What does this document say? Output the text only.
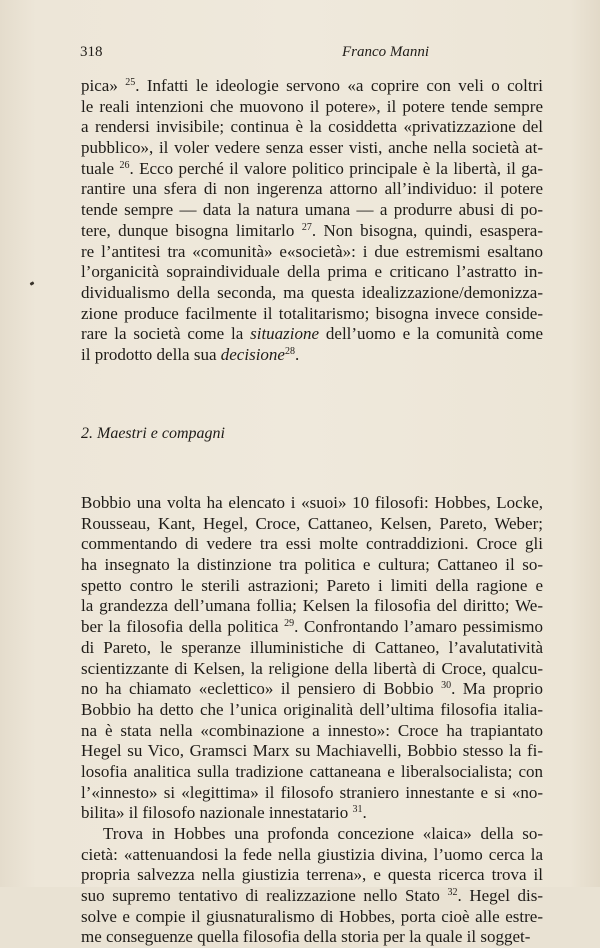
318	Franco Manni
pica» $^{25}$. Infatti le ideologie servono «a coprire con veli o coltri
le reali intenzioni che muovono il potere», il potere tende sempre
a rendersi invisibile; continua è la cosiddetta «privatizzazione del
pubblico», il voler vedere senza esser visti, anche nella società at-
tuale $^{26}$. Ecco perché il valore politico principale è la libertà, il ga-
rantire una sfera di non ingerenza attorno all’individuo: il potere
tende sempre — data la natura umana — a produrre abusi di po-
tere, dunque bisogna limitarlo $^{27}$. Non bisogna, quindi, esaspera-
re l’antitesi tra «comunità» e«società»: i due estremismi esaltano
l’organicità sopraindividuale della prima e criticano l’astratto in-
dividualismo della seconda, ma questa idealizzazione/demonizza-
zione produce facilmente il totalitarismo; bisogna invece conside-
rare la società come la situazione dell’uomo e la comunità come
il prodotto della sua decisione$^{28}$.
2. Maestri e compagni
Bobbio una volta ha elencato i «suoi» 10 filosofi: Hobbes, Locke,
Rousseau, Kant, Hegel, Croce, Cattaneo, Kelsen, Pareto, Weber;
commentando di vedere tra essi molte contraddizioni. Croce gli
ha insegnato la distinzione tra politica e cultura; Cattaneo il so-
spetto contro le sterili astrazioni; Pareto i limiti della ragione e
la grandezza dell’umana follia; Kelsen la filosofia del diritto; We-
ber la filosofia della politica $^{29}$. Confrontando l’amaro pessimismo
di Pareto, le speranze illuministiche di Cattaneo, l’avalutatività
scientizzante di Kelsen, la religione della libertà di Croce, qualcu-
no ha chiamato «eclettico» il pensiero di Bobbio $^{30}$. Ma proprio
Bobbio ha detto che l’unica originalità dell’ultima filosofia italia-
na è stata nella «combinazione a innesto»: Croce ha trapiantato
Hegel su Vico, Gramsci Marx su Machiavelli, Bobbio stesso la fi-
losofia analitica sulla tradizione cattaneana e liberalsocialista; con
l’«innesto» si «legittima» il filosofo straniero innestante e si «no-
bilita» il filosofo nazionale innestatario $^{31}$.
Trova in Hobbes una profonda concezione «laica» della so-
cietà: «attenuandosi la fede nella giustizia divina, l’uomo cerca la
propria salvezza nella giustizia terrena», e questa ricerca trova il
suo supremo tentativo di realizzazione nello Stato $^{32}$. Hegel dis-
solve e compie il giusnaturalismo di Hobbes, porta cioè alle estre-
me conseguenze quella filosofia della storia per la quale il sogget-
